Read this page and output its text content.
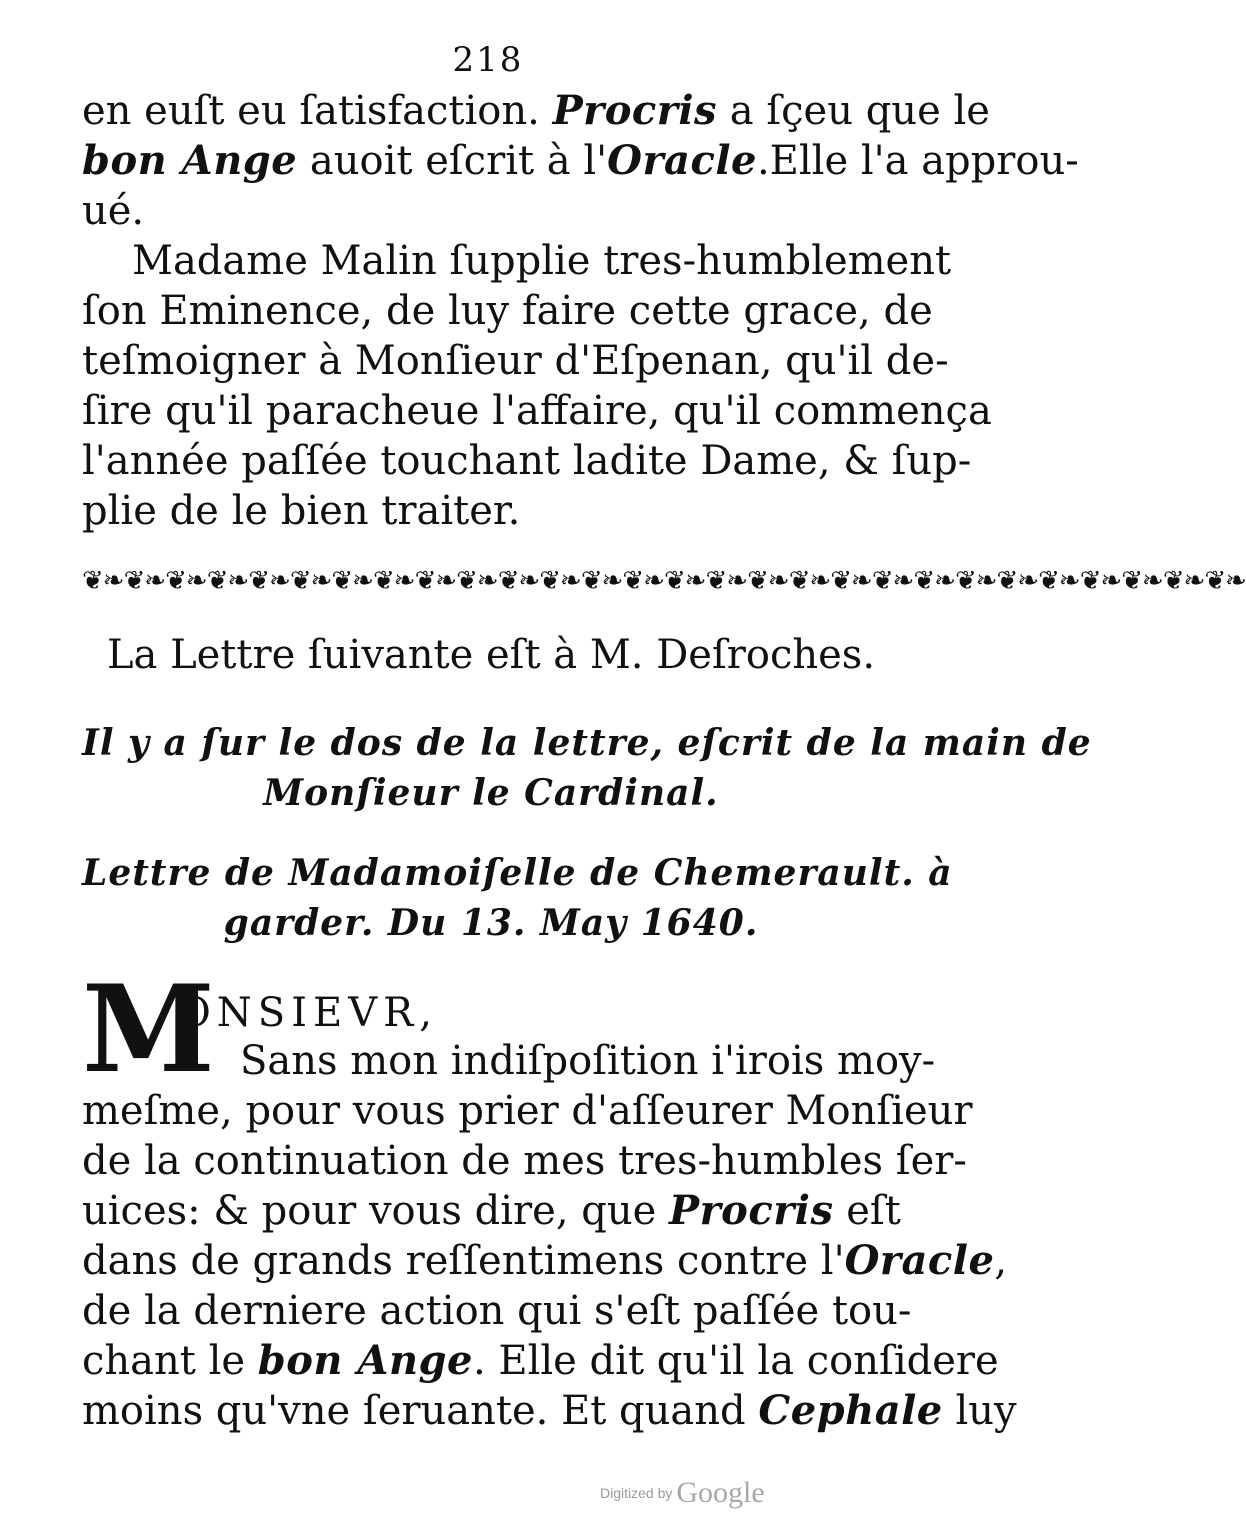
218
en euſt eu ſatisfaction. Procris a ſçeu que le
bon Ange auoit eſcrit à l'Oracle.Elle l'a approu-
ué.
Madame Malin ſupplie tres-humblement
ſon Eminence, de luy faire cette grace, de
teſmoigner à Monſieur d'Eſpenan, qu'il de-
ſire qu'il paracheue l'affaire, qu'il commença
l'année paſſée touchant ladite Dame, & ſup-
plie de le bien traiter.
❦❧❦❧❦❧❦❧❦❧❦❧❦❧❦❧❦❧❦❧❦❧❦❧❦❧❦❧❦❧❦❧❦❧❦❧❦❧❦❧❦❧❦❧❦❧❦❧❦❧❦❧❦❧❦❧
La Lettre ſuivante eſt à M. Deſroches.
Il y a ſur le dos de la lettre, eſcrit de la main de
Monſieur le Cardinal.
Lettre de Madamoiſelle de Chemerault. à
garder. Du 13. May 1640.
M
ONSIEVR,
Sans mon indiſpoſition i'irois moy-
meſme, pour vous prier d'aſſeurer Monſieur
de la continuation de mes tres-humbles ſer-
uices: & pour vous dire, que Procris eſt
dans de grands reſſentimens contre l'Oracle,
de la derniere action qui s'eſt paſſée tou-
chant le bon Ange. Elle dit qu'il la conſidere
moins qu'vne ſeruante. Et quand Cephale luy
Digitized by Google
